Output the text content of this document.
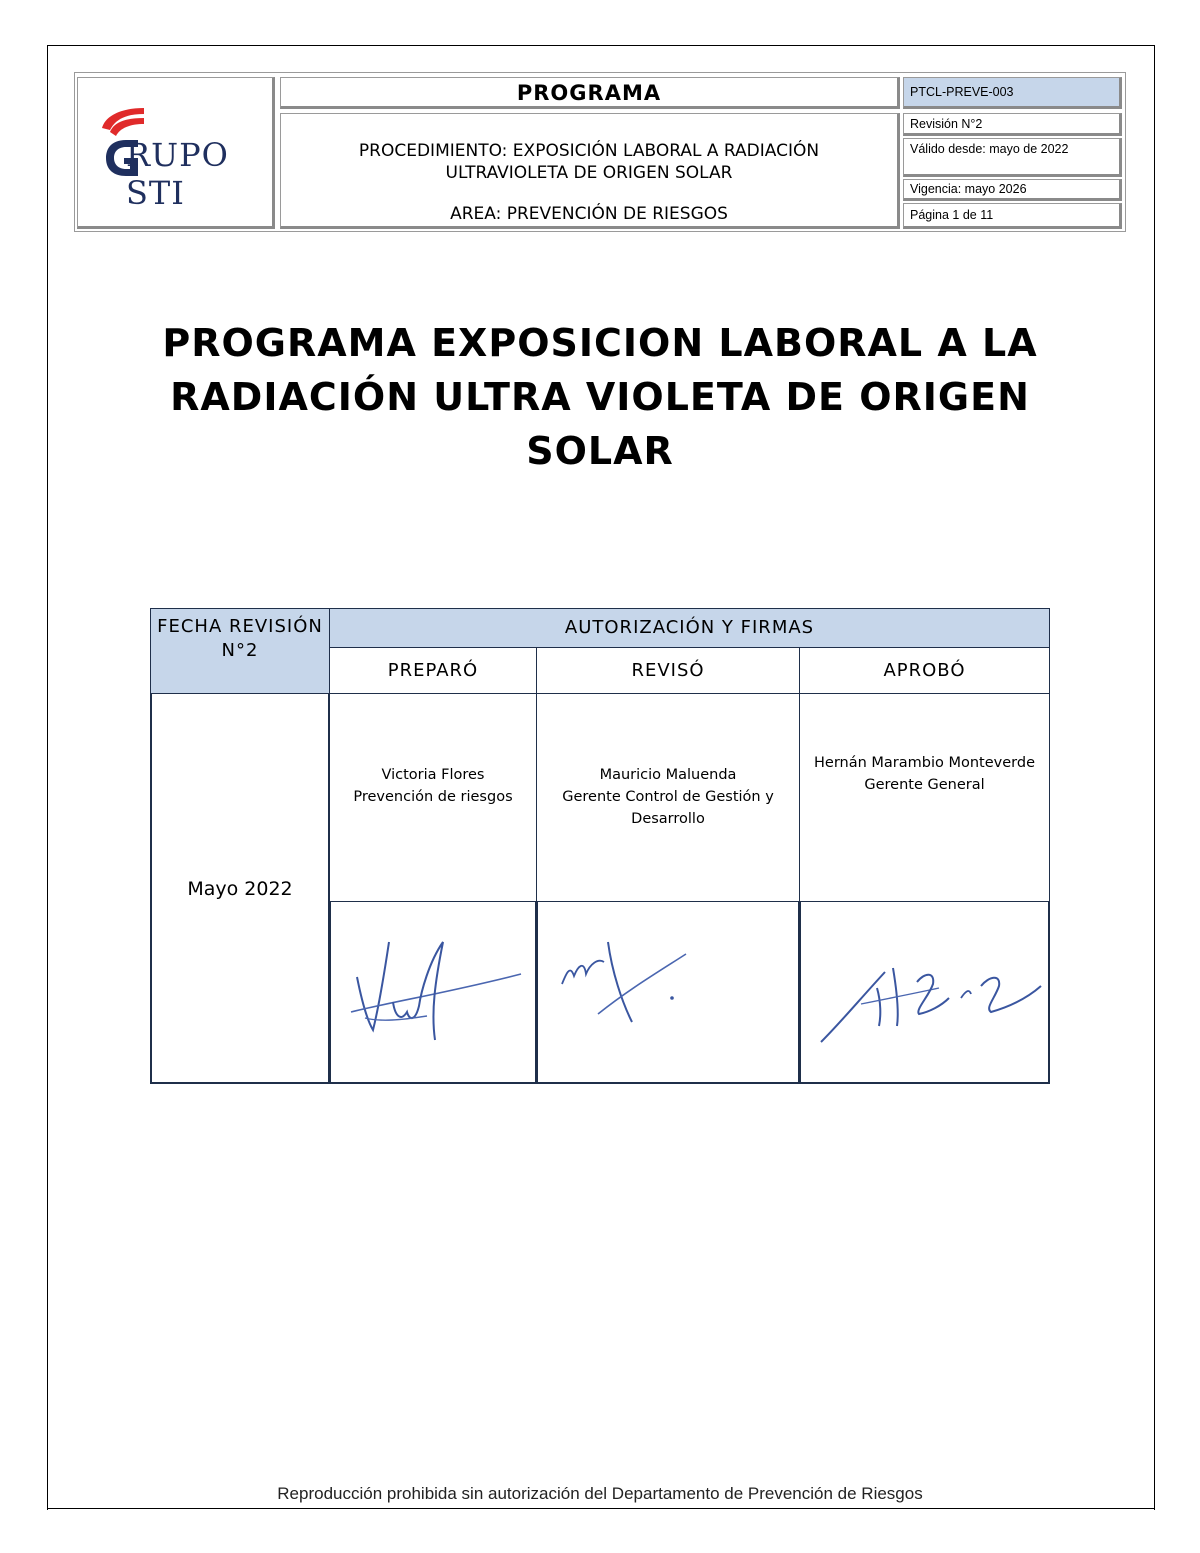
RUPO STI
PROGRAMA
PROCEDIMIENTO: EXPOSICIÓN LABORAL A RADIACIÓN ULTRAVIOLETA DE ORIGEN SOLAR
AREA: PREVENCIÓN DE RIESGOS
PTCL-PREVE-003
Revisión N°2
Válido desde: mayo de 2022
Vigencia: mayo 2026
Página 1 de 11
PROGRAMA EXPOSICION LABORAL A LA RADIACIÓN ULTRA VIOLETA DE ORIGEN SOLAR
FECHA REVISIÓN N°2
AUTORIZACIÓN Y FIRMAS
PREPARÓ	REVISÓ	APROBÓ
Mayo 2022
Victoria Flores
Prevención de riesgos
Mauricio Maluenda
Gerente Control de Gestión y Desarrollo
Hernán Marambio Monteverde
Gerente General
Reproducción prohibida sin autorización del Departamento de Prevención de Riesgos
